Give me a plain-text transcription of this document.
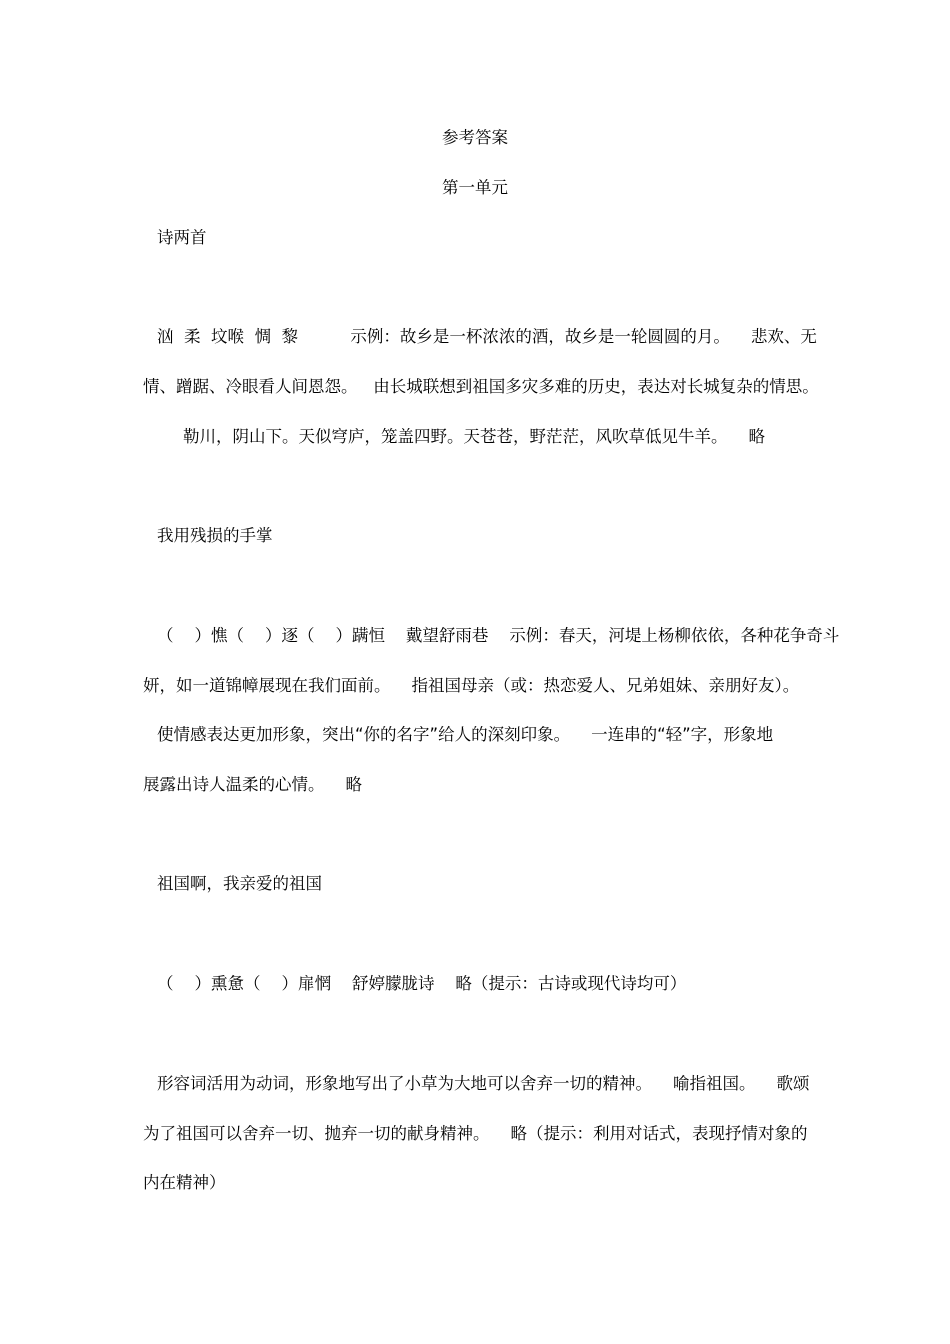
参考答案
第一单元
诗两首
汹  柔  坟喉  惆  黎          示例：故乡是一杯浓浓的酒，故乡是一轮圆圆的月。    悲欢、无
情、蹭踞、冷眼看人间恩怨。   由长城联想到祖国多灾多难的历史，表达对长城复杂的情思。
勒川，阴山下。天似穹庐，笼盖四野。天苍苍，野茫茫，风吹草低见牛羊。    略
我用残损的手掌
（    ）憔（    ）逐（    ）蹒恒    戴望舒雨巷    示例：春天，河堤上杨柳依依，各种花争奇斗
妍，如一道锦幛展现在我们面前。    指祖国母亲（或：热恋爱人、兄弟姐妹、亲朋好友）。
使情感表达更加形象，突出“你的名字”给人的深刻印象。    一连串的“轻”字，形象地
展露出诗人温柔的心情。    略
祖国啊，我亲爱的祖国
（    ）熏惫（    ）扉惘    舒婷朦胧诗    略（提示：古诗或现代诗均可）
形容词活用为动词，形象地写出了小草为大地可以舍弃一切的精神。    喻指祖国。    歌颂
为了祖国可以舍弃一切、抛弃一切的献身精神。    略（提示：利用对话式，表现抒情对象的
内在精神）
